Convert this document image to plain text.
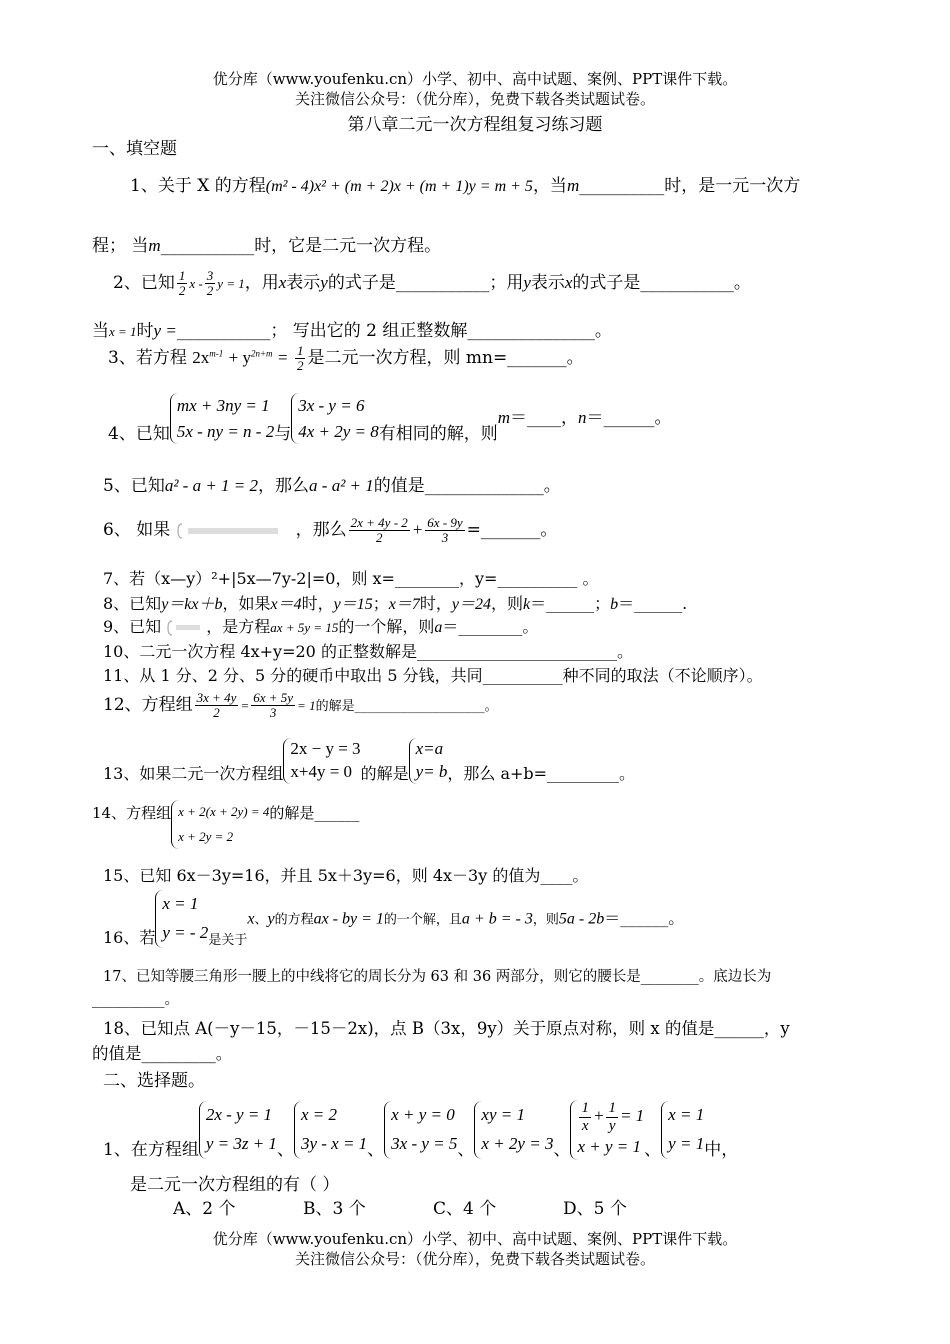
优分库（www.youfenku.cn）小学、初中、高中试题、案例、PPT课件下载。
关注微信公众号：（优分库），免费下载各类试题试卷。
第八章二元一次方程组复习练习题
一、填空题
1、关于 X 的方程(m² - 4)x² + (m + 2)x + (m + 1)y = m + 5，当m__________时，是一元一次方
程； 当m___________时，它是二元一次方程。
2、已知 $\frac{1}{2}$ x - $\frac{3}{2}$ y = 1，用x表示y的式子是___________；用y表示x的式子是___________。
当x = 1时y =___________； 写出它的 2 组正整数解_______________。
3、若方程 $2x^{m-1} + y^{2n+m} = \frac{1}{2}$ 是二元一次方程，则 mn=_______。
4、已知
mx + 3ny = 1
5x - ny = n - 2 与
3x - y = 6
4x + 2y = 8 有相同的解，则m＝____，n＝______。
5、已知a² - a + 1 = 2，那么a - a² + 1的值是______________。
6、 如果	，那么 $\frac{2x + 4y - 2}{2} + \frac{6x - 9y}{3}$ =_______。
7、若（x—y）²+|5x—7y-2|=0，则 x=________，y=__________ 。
8、已知y＝kx＋b，如果x＝4时，y＝15；x＝7时，y＝24，则k＝______；b＝______.
9、已知	，是方程ax + 5y = 15的一个解，则a＝________。
10、二元一次方程 4x+y=20 的正整数解是_________________________。
11、从 1 分、2 分、5 分的硬币中取出 5 分钱，共同__________种不同的取法（不论顺序）。
12、方程组 $\frac{3x + 4y}{2} = \frac{6x + 5y}{3} = 1$的解是____________________。
13、如果二元一次方程组
2x − y = 3
x+4y = 0 的解是
x=a
y= b ，那么 a+b=_________。
14、方程组 x + 2(x + 2y) = 4
x + 2y = 2
的解是______
15、已知 6x－3y=16，并且 5x＋3y=6，则 4x－3y 的值为____。
16、若
x = 1
y = - 2 是关于x、y的方程ax - by = 1的一个解，且a + b = - 3，则5a - 2b＝______。
17、已知等腰三角形一腰上的中线将它的周长分为 63 和 36 两部分，则它的腰长是________。底边长为
__________。
18、已知点 A(－y－15，－15－2x)，点 B（3x，9y）关于原点对称，则 x 的值是______，y
的值是_________。
二、选择题。
1、在方程组
2x - y = 1
y = 3z + 1 、
x = 2
3y - x = 1 、
x + y = 0
3x - y = 5 、
xy = 1
x + 2y = 3 、
$\frac{1}{x} + \frac{1}{y} = 1$
x + y = 1 、
x = 1
y = 1 中，
是二元一次方程组的有（ ）
A、2 个	B、3 个	C、4 个	D、5 个
优分库（www.youfenku.cn）小学、初中、高中试题、案例、PPT课件下载。
关注微信公众号：（优分库），免费下载各类试题试卷。
